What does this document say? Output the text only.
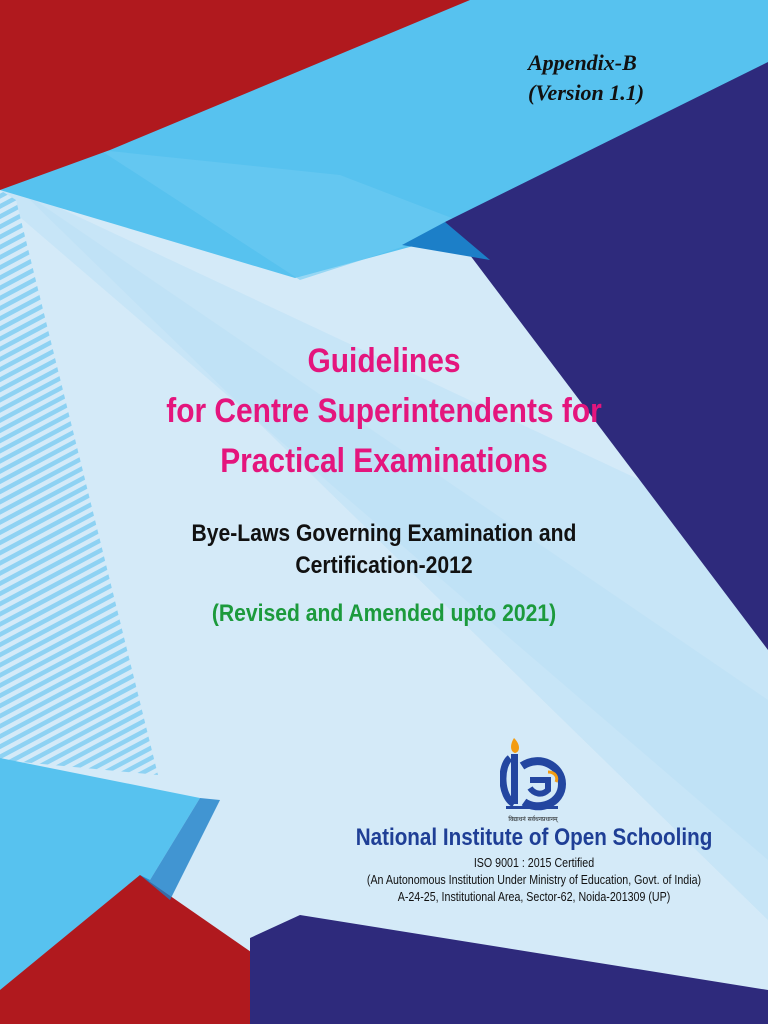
Appendix-B
(Version 1.1)
Guidelines
for Centre Superintendents for
Practical Examinations
Bye-Laws Governing Examination and
Certification-2012
(Revised and Amended upto 2021)
विद्याधनं सर्वधनप्रधानम्
National Institute of Open Schooling
ISO 9001 : 2015 Certified
(An Autonomous Institution Under Ministry of Education, Govt. of India)
A-24-25, Institutional Area, Sector-62, Noida-201309 (UP)
